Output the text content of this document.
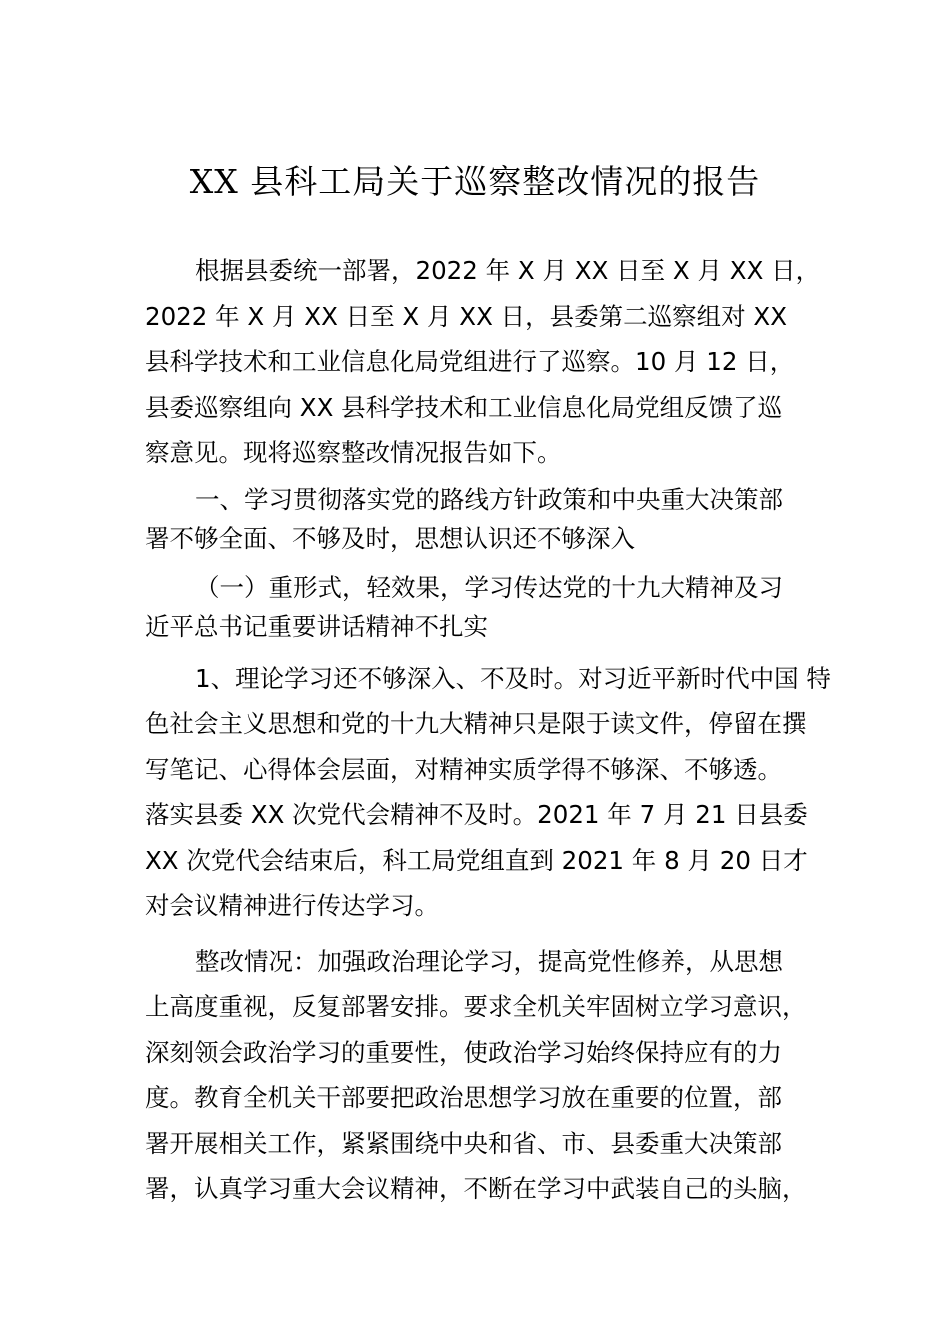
XX 县科工局关于巡察整改情况的报告
根据县委统一部署，2022 年 X 月 XX 日至 X 月 XX 日，
2022 年 X 月 XX 日至 X 月 XX 日，县委第二巡察组对 XX
县科学技术和工业信息化局党组进行了巡察。10 月 12 日，
县委巡察组向 XX 县科学技术和工业信息化局党组反馈了巡
察意见。现将巡察整改情况报告如下。
一、学习贯彻落实党的路线方针政策和中央重大决策部
署不够全面、不够及时，思想认识还不够深入
（一）重形式，轻效果，学习传达党的十九大精神及习
近平总书记重要讲话精神不扎实
1、理论学习还不够深入、不及时。对习近平新时代中国 特
色社会主义思想和党的十九大精神只是限于读文件，停留在撰
写笔记、心得体会层面，对精神实质学得不够深、不够透。
落实县委 XX 次党代会精神不及时。2021 年 7 月 21 日县委
XX 次党代会结束后，科工局党组直到 2021 年 8 月 20 日才
对会议精神进行传达学习。
整改情况：加强政治理论学习，提高党性修养，从思想
上高度重视，反复部署安排。要求全机关牢固树立学习意识，
深刻领会政治学习的重要性，使政治学习始终保持应有的力
度。教育全机关干部要把政治思想学习放在重要的位置，部
署开展相关工作，紧紧围绕中央和省、市、县委重大决策部
署，认真学习重大会议精神，不断在学习中武装自己的头脑，
